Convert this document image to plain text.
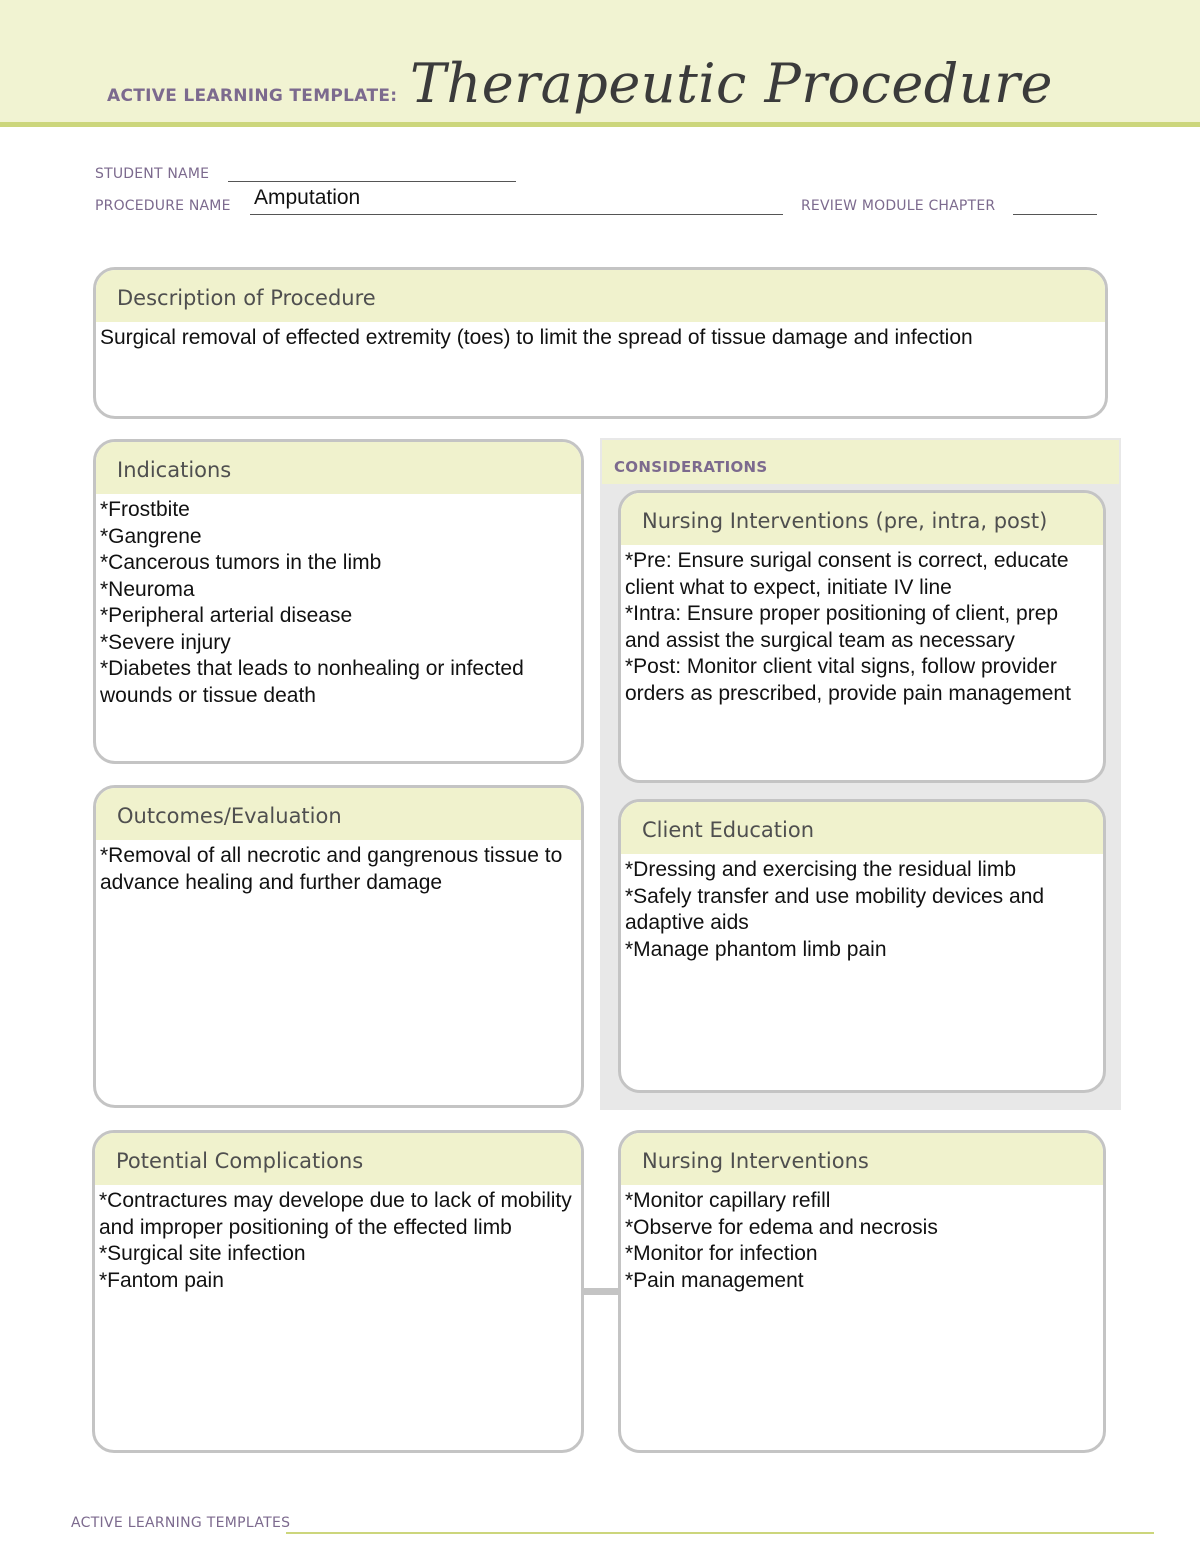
ACTIVE LEARNING TEMPLATE: Therapeutic Procedure
STUDENT NAME
PROCEDURE NAME Amputation	REVIEW MODULE CHAPTER
Description of Procedure
Surgical removal of effected extremity (toes) to limit the spread of tissue damage and infection
CONSIDERATIONS
Indications
*Frostbite
*Gangrene
*Cancerous tumors in the limb
*Neuroma
*Peripheral arterial disease
*Severe injury
*Diabetes that leads to nonhealing or infected wounds or tissue death
Nursing Interventions (pre, intra, post)
*Pre: Ensure surigal consent is correct, educate client what to expect, initiate IV line
*Intra: Ensure proper positioning of client, prep and assist the surgical team as necessary
*Post: Monitor client vital signs, follow provider orders as prescribed, provide pain management
Outcomes/Evaluation
*Removal of all necrotic and gangrenous tissue to advance healing and further damage
Client Education
*Dressing and exercising the residual limb
*Safely transfer and use mobility devices and adaptive aids
*Manage phantom limb pain
Potential Complications
*Contractures may develope due to lack of mobility and improper positioning of the effected limb
*Surgical site infection
*Fantom pain
Nursing Interventions
*Monitor capillary refill
*Observe for edema and necrosis
*Monitor for infection
*Pain management
ACTIVE LEARNING TEMPLATES
